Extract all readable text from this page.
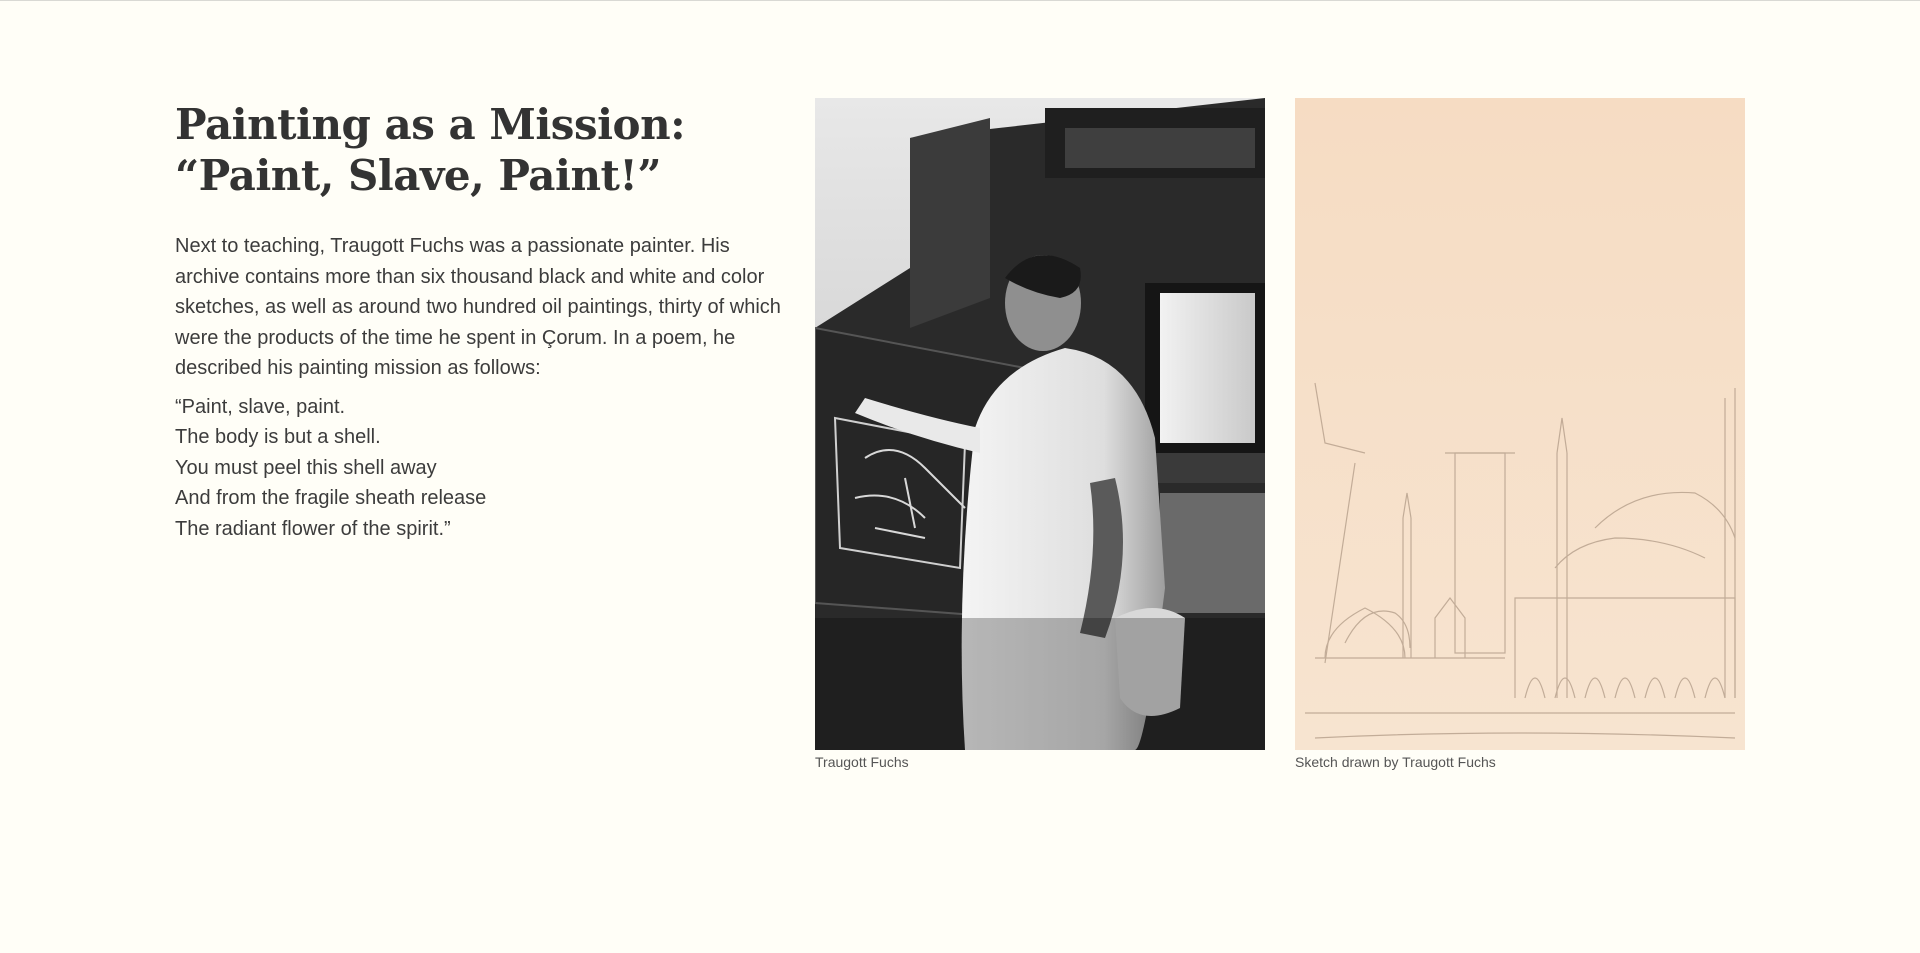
Painting as a Mission:
“Paint, Slave, Paint!”

Next to teaching, Traugott Fuchs was a passionate painter. His archive contains more than six thousand black and white and color sketches, as well as around two hundred oil paintings, thirty of which were the products of the time he spent in Çorum. In a poem, he described his painting mission as follows:

“Paint, slave, paint.
The body is but a shell.
You must peel this shell away
And from the fragile sheath release
The radiant flower of the spirit.”

Traugott Fuchs	Sketch drawn by Traugott Fuchs
